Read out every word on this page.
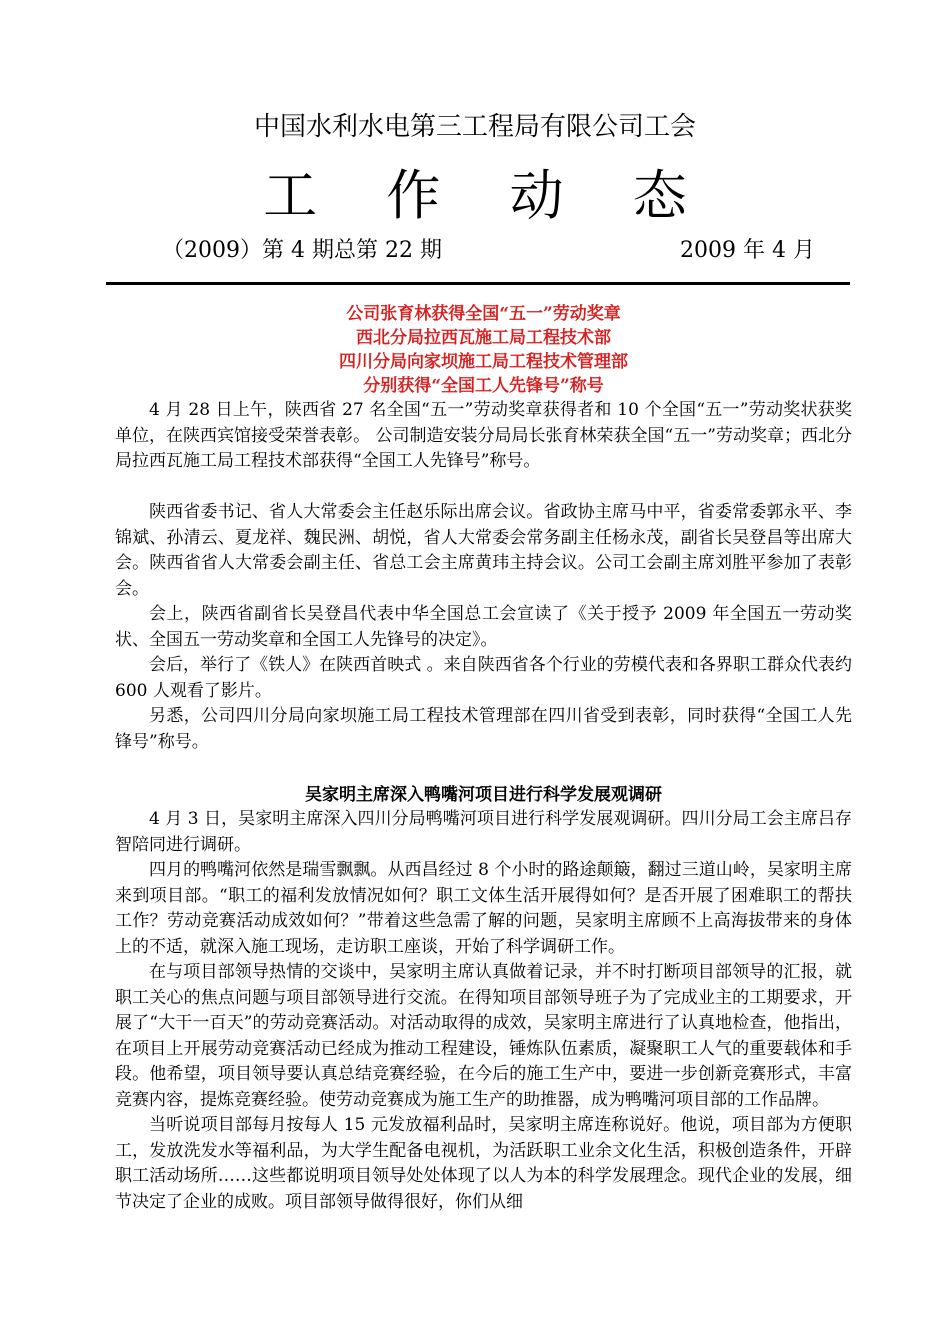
中国水利水电第三工程局有限公司工会
工 作 动 态
（2009）第 4 期总第 22 期	2009 年 4 月

公司张育林获得全国“五一”劳动奖章

西北分局拉西瓦施工局工程技术部

四川分局向家坝施工局工程技术管理部

分别获得“全国工人先锋号”称号

4 月 28 日上午，陕西省 27 名全国“五一”劳动奖章获得者和 10 个全国“五一”劳动奖状获奖单位，在陕西宾馆接受荣誉表彰。 公司制造安装分局局长张育林荣获全国“五一”劳动奖章；西北分局拉西瓦施工局工程技术部获得“全国工人先锋号”称号。

陕西省委书记、省人大常委会主任赵乐际出席会议。省政协主席马中平，省委常委郭永平、李锦斌、孙清云、夏龙祥、魏民洲、胡悦，省人大常委会常务副主任杨永茂，副省长吴登昌等出席大会。陕西省省人大常委会副主任、省总工会主席黄玮主持会议。公司工会副主席刘胜平参加了表彰会。

会上，陕西省副省长吴登昌代表中华全国总工会宣读了《关于授予 2009 年全国五一劳动奖状、全国五一劳动奖章和全国工人先锋号的决定》。

会后，举行了《铁人》在陕西首映式 。来自陕西省各个行业的劳模代表和各界职工群众代表约 600 人观看了影片。

另悉，公司四川分局向家坝施工局工程技术管理部在四川省受到表彰，同时获得“全国工人先锋号”称号。

吴家明主席深入鸭嘴河项目进行科学发展观调研

4 月 3 日，吴家明主席深入四川分局鸭嘴河项目进行科学发展观调研。四川分局工会主席吕存智陪同进行调研。

四月的鸭嘴河依然是瑞雪飘飘。从西昌经过 8 个小时的路途颠簸，翻过三道山岭，吴家明主席来到项目部。“职工的福利发放情况如何？职工文体生活开展得如何？是否开展了困难职工的帮扶工作？劳动竞赛活动成效如何？”带着这些急需了解的问题，吴家明主席顾不上高海拔带来的身体上的不适，就深入施工现场，走访职工座谈，开始了科学调研工作。

在与项目部领导热情的交谈中，吴家明主席认真做着记录，并不时打断项目部领导的汇报，就职工关心的焦点问题与项目部领导进行交流。在得知项目部领导班子为了完成业主的工期要求，开展了“大干一百天”的劳动竞赛活动。对活动取得的成效，吴家明主席进行了认真地检查，他指出，在项目上开展劳动竞赛活动已经成为推动工程建设，锤炼队伍素质，凝聚职工人气的重要载体和手段。他希望，项目领导要认真总结竞赛经验，在今后的施工生产中，要进一步创新竞赛形式，丰富竞赛内容，提炼竞赛经验。使劳动竞赛成为施工生产的助推器，成为鸭嘴河项目部的工作品牌。

当听说项目部每月按每人 15 元发放福利品时，吴家明主席连称说好。他说，项目部为方便职工，发放洗发水等福利品，为大学生配备电视机，为活跃职工业余文化生活，积极创造条件，开辟职工活动场所……这些都说明项目领导处处体现了以人为本的科学发展理念。现代企业的发展，细节决定了企业的成败。项目部领导做得很好，你们从细
